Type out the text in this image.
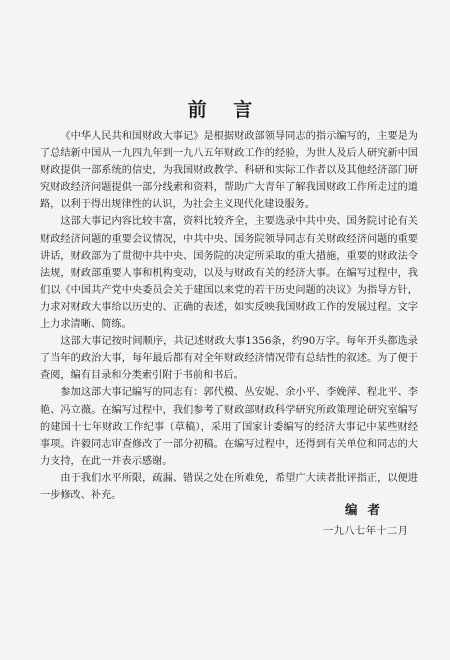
前 言

《中华人民共和国财政大事记》是根据财政部领导同志的指示编写的，主要是为了总结新中国从一九四九年到一九八五年财政工作的经验，为世人及后人研究新中国财政提供一部系统的信史，为我国财政教学、科研和实际工作者以及其他经济部门研究财政经济问题提供一部分线索和资料，帮助广大青年了解我国财政工作所走过的道路，以利于得出规律性的认识，为社会主义现代化建设服务。

这部大事记内容比较丰富，资料比较齐全，主要选录中共中央、国务院讨论有关财政经济问题的重要会议情况，中共中央、国务院领导同志有关财政经济问题的重要讲话，财政部为了贯彻中共中央、国务院的决定所采取的重大措施，重要的财政法令法规，财政部重要人事和机构变动，以及与财政有关的经济大事。在编写过程中，我们以《中国共产党中央委员会关于建国以来党的若干历史问题的决议》为指导方针，力求对财政大事给以历史的、正确的表述，如实反映我国财政工作的发展过程。文字上力求清晰、简练。

这部大事记按时间顺序，共记述财政大事1356条，约90万字。每年开头都选录了当年的政治大事，每年最后都有对全年财政经济情况带有总结性的叙述。为了便于查阅，编有目录和分类索引附于书前和书后。

参加这部大事记编写的同志有：郭代模、丛安妮、余小平、李娩萍、程北平、李艳、冯立薇。在编写过程中，我们参考了财政部财政科学研究所政策理论研究室编写的建国十七年财政工作纪事（草稿），采用了国家计委编写的经济大事记中某些财经事项。许毅同志审查修改了一部分初稿。在编写过程中，还得到有关单位和同志的大力支持，在此一并表示感谢。

由于我们水平所限，疏漏、错误之处在所难免，希望广大读者批评指正，以便进一步修改、补充。

编者
一九八七年十二月
